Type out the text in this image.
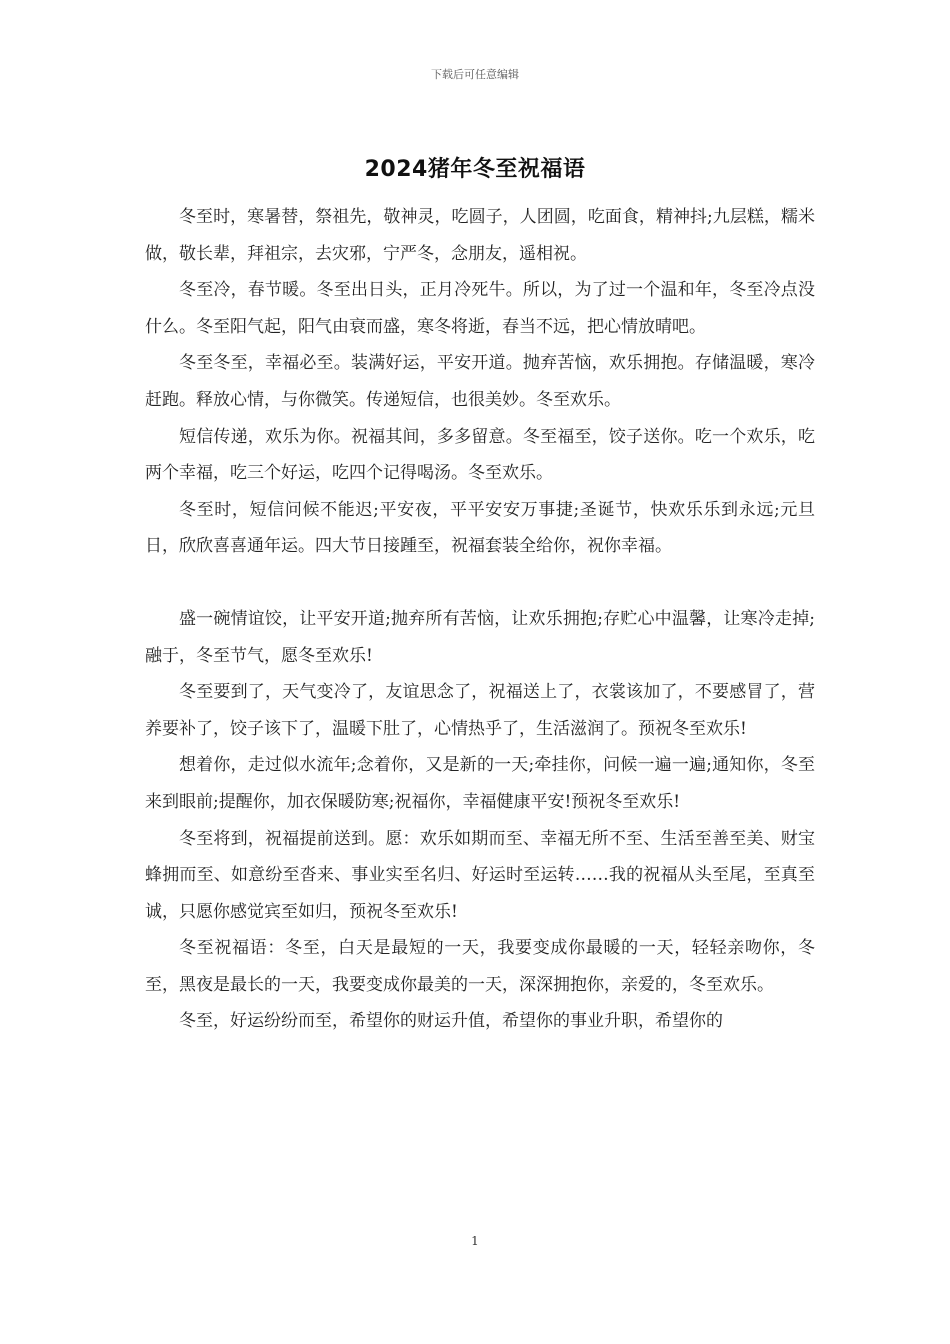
下载后可任意编辑
2024猪年冬至祝福语

冬至时，寒暑替，祭祖先，敬神灵，吃圆子，人团圆，吃面食，精神抖;九层糕，糯米做，敬长辈，拜祖宗，去灾邪，宁严冬，念朋友，遥相祝。

冬至冷，春节暖。冬至出日头，正月冷死牛。所以，为了过一个温和年，冬至冷点没什么。冬至阳气起，阳气由衰而盛，寒冬将逝，春当不远，把心情放晴吧。

冬至冬至，幸福必至。装满好运，平安开道。抛弃苦恼，欢乐拥抱。存储温暖，寒冷赶跑。释放心情，与你微笑。传递短信，也很美妙。冬至欢乐。

短信传递，欢乐为你。祝福其间，多多留意。冬至福至，饺子送你。吃一个欢乐，吃两个幸福，吃三个好运，吃四个记得喝汤。冬至欢乐。

冬至时，短信问候不能迟;平安夜，平平安安万事捷;圣诞节，快欢乐乐到永远;元旦日，欣欣喜喜通年运。四大节日接踵至，祝福套装全给你，祝你幸福。

盛一碗情谊饺，让平安开道;抛弃所有苦恼，让欢乐拥抱;存贮心中温馨，让寒冷走掉;融于，冬至节气，愿冬至欢乐!

冬至要到了，天气变冷了，友谊思念了，祝福送上了，衣裳该加了，不要感冒了，营养要补了，饺子该下了，温暖下肚了，心情热乎了，生活滋润了。预祝冬至欢乐!

想着你，走过似水流年;念着你，又是新的一天;牵挂你，问候一遍一遍;通知你，冬至来到眼前;提醒你，加衣保暖防寒;祝福你，幸福健康平安!预祝冬至欢乐!

冬至将到，祝福提前送到。愿：欢乐如期而至、幸福无所不至、生活至善至美、财宝蜂拥而至、如意纷至沓来、事业实至名归、好运时至运转……我的祝福从头至尾，至真至诚，只愿你感觉宾至如归，预祝冬至欢乐!

冬至祝福语：冬至，白天是最短的一天，我要变成你最暖的一天，轻轻亲吻你，冬至，黑夜是最长的一天，我要变成你最美的一天，深深拥抱你，亲爱的，冬至欢乐。

冬至，好运纷纷而至，希望你的财运升值，希望你的事业升职，希望你的

1
